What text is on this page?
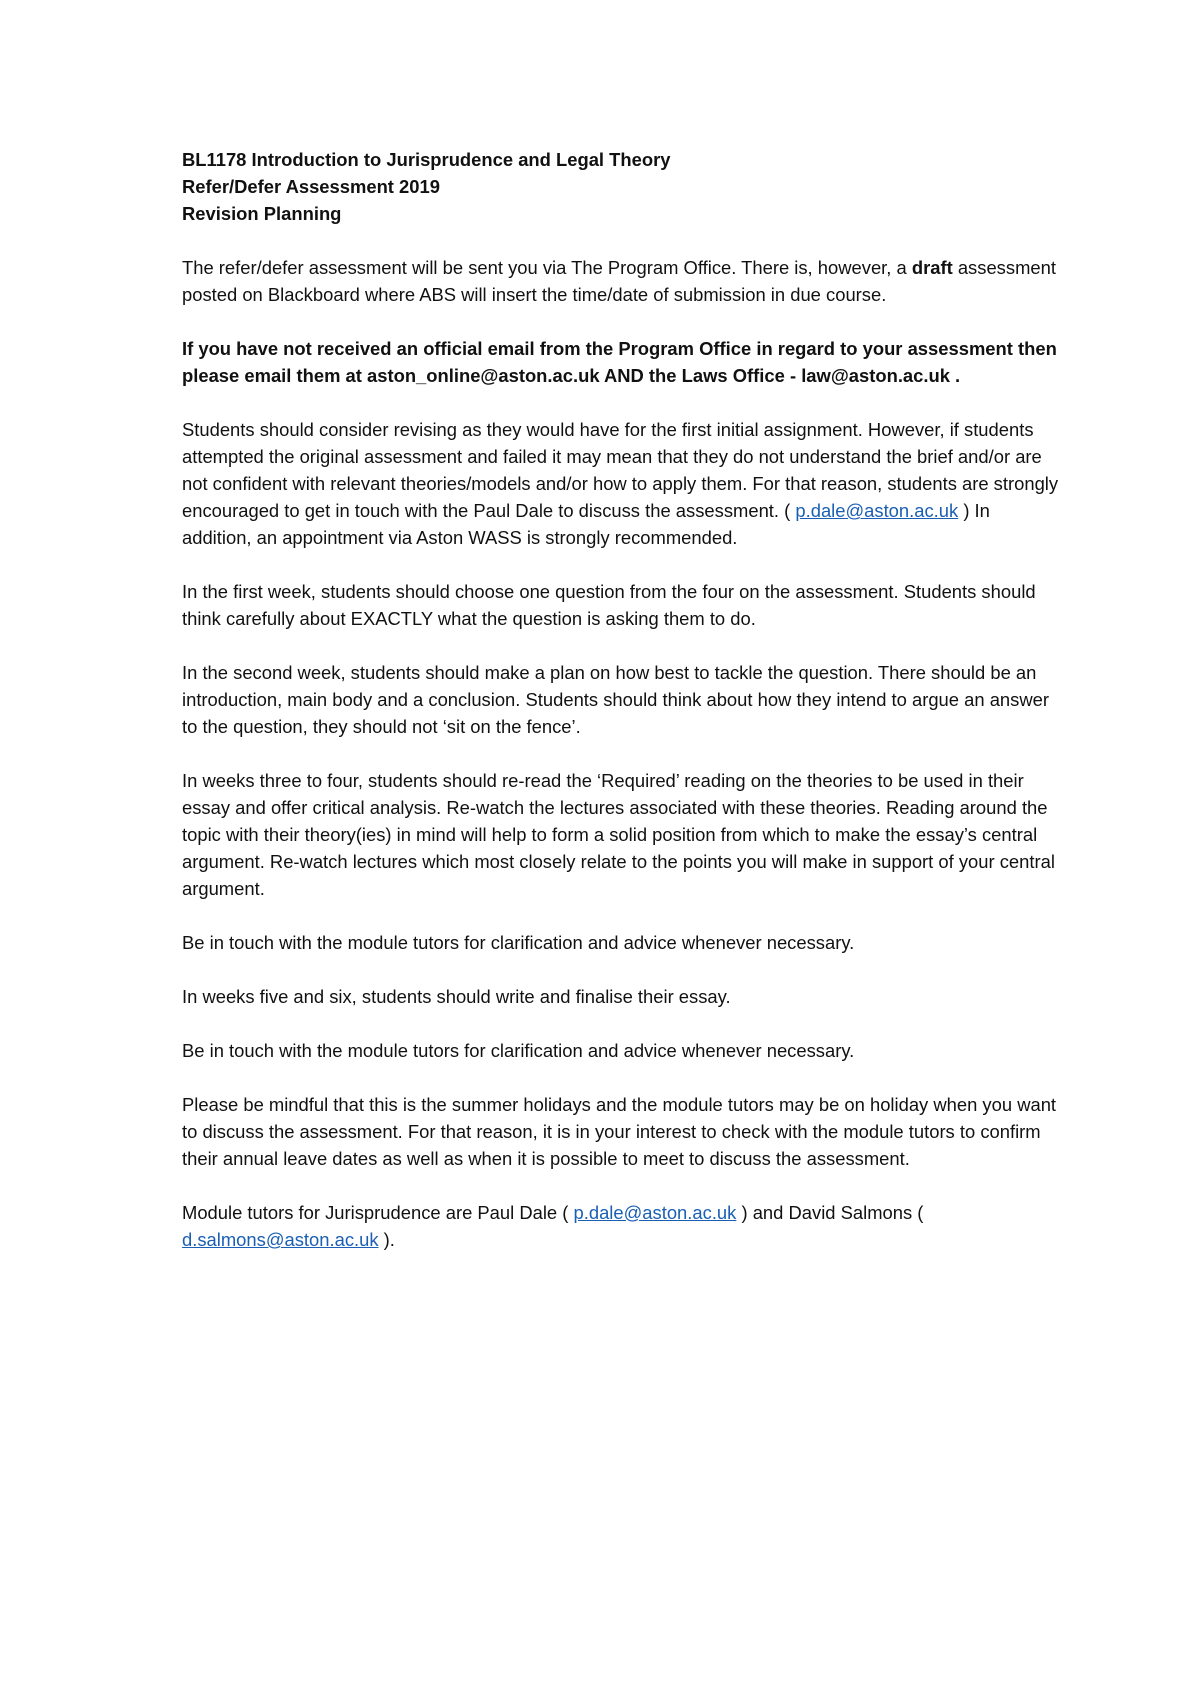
BL1178 Introduction to Jurisprudence and Legal Theory
Refer/Defer Assessment 2019
Revision Planning

The refer/defer assessment will be sent you via The Program Office. There is, however, a draft assessment posted on Blackboard where ABS will insert the time/date of submission in due course.

If you have not received an official email from the Program Office in regard to your assessment then please email them at aston_online@aston.ac.uk AND the Laws Office - law@aston.ac.uk .

Students should consider revising as they would have for the first initial assignment. However, if students attempted the original assessment and failed it may mean that they do not understand the brief and/or are not confident with relevant theories/models and/or how to apply them. For that reason, students are strongly encouraged to get in touch with the Paul Dale to discuss the assessment. ( p.dale@aston.ac.uk ) In addition, an appointment via Aston WASS is strongly recommended.

In the first week, students should choose one question from the four on the assessment. Students should think carefully about EXACTLY what the question is asking them to do.

In the second week, students should make a plan on how best to tackle the question. There should be an introduction, main body and a conclusion. Students should think about how they intend to argue an answer to the question, they should not ‘sit on the fence’.

In weeks three to four, students should re-read the ‘Required’ reading on the theories to be used in their essay and offer critical analysis. Re-watch the lectures associated with these theories. Reading around the topic with their theory(ies) in mind will help to form a solid position from which to make the essay’s central argument. Re-watch lectures which most closely relate to the points you will make in support of your central argument.

Be in touch with the module tutors for clarification and advice whenever necessary.

In weeks five and six, students should write and finalise their essay.

Be in touch with the module tutors for clarification and advice whenever necessary.

Please be mindful that this is the summer holidays and the module tutors may be on holiday when you want to discuss the assessment. For that reason, it is in your interest to check with the module tutors to confirm their annual leave dates as well as when it is possible to meet to discuss the assessment.

Module tutors for Jurisprudence are Paul Dale ( p.dale@aston.ac.uk ) and David Salmons ( d.salmons@aston.ac.uk ).
